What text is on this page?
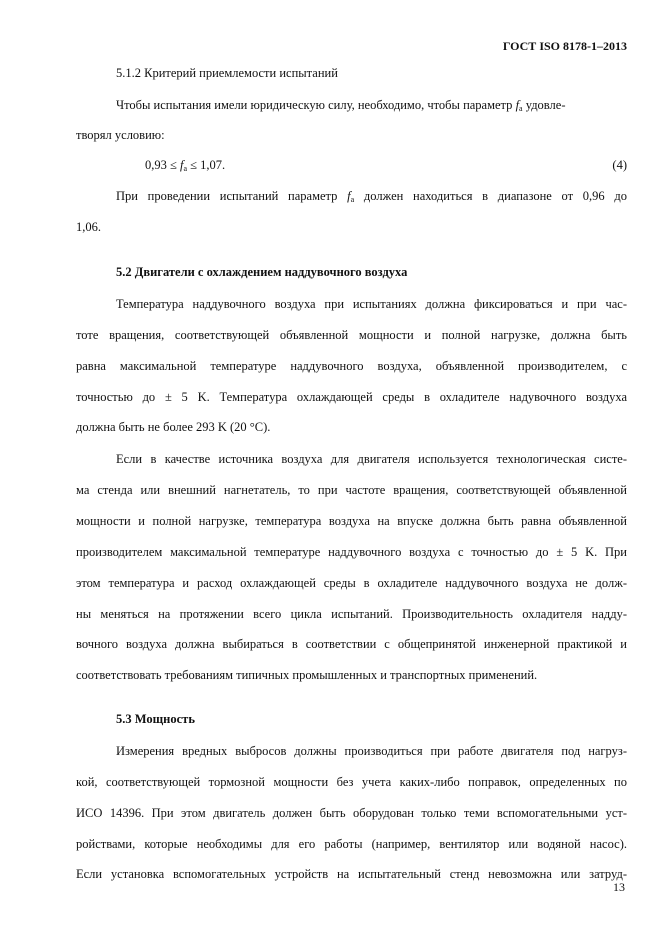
ГОСТ ISO 8178-1–2013
5.1.2 Критерий приемлемости испытаний
Чтобы испытания имели юридическую силу, необходимо, чтобы параметр $f_a$ удовле-
творял условию:
$0,93 \le f_a \le 1,07$.	(4)
При проведении испытаний параметр $f_a$ должен находиться в диапазоне от 0,96 до
1,06.
5.2 Двигатели с охлаждением наддувочного воздуха
Температура наддувочного воздуха при испытаниях должна фиксироваться и при час-
тоте вращения, соответствующей объявленной мощности и полной нагрузке, должна быть
равна максимальной температуре наддувочного воздуха, объявленной производителем, с
точностью до ± 5 K. Температура охлаждающей среды в охладителе надувочного воздуха
должна быть не более 293 K (20 °C).
Если в качестве источника воздуха для двигателя используется технологическая систе-
ма стенда или внешний нагнетатель, то при частоте вращения, соответствующей объявленной
мощности и полной нагрузке, температура воздуха на впуске должна быть равна объявленной
производителем максимальной температуре наддувочного воздуха с точностью до ± 5 K. При
этом температура и расход охлаждающей среды в охладителе наддувочного воздуха не долж-
ны меняться на протяжении всего цикла испытаний. Производительность охладителя надду-
вочного воздуха должна выбираться в соответствии с общепринятой инженерной практикой и
соответствовать требованиям типичных промышленных и транспортных применений.
5.3 Мощность
Измерения вредных выбросов должны производиться при работе двигателя под нагруз-
кой, соответствующей тормозной мощности без учета каких-либо поправок, определенных по
ИСО 14396. При этом двигатель должен быть оборудован только теми вспомогательными уст-
ройствами, которые необходимы для его работы (например, вентилятор или водяной насос).
Если установка вспомогательных устройств на испытательный стенд невозможна или затруд-
13
